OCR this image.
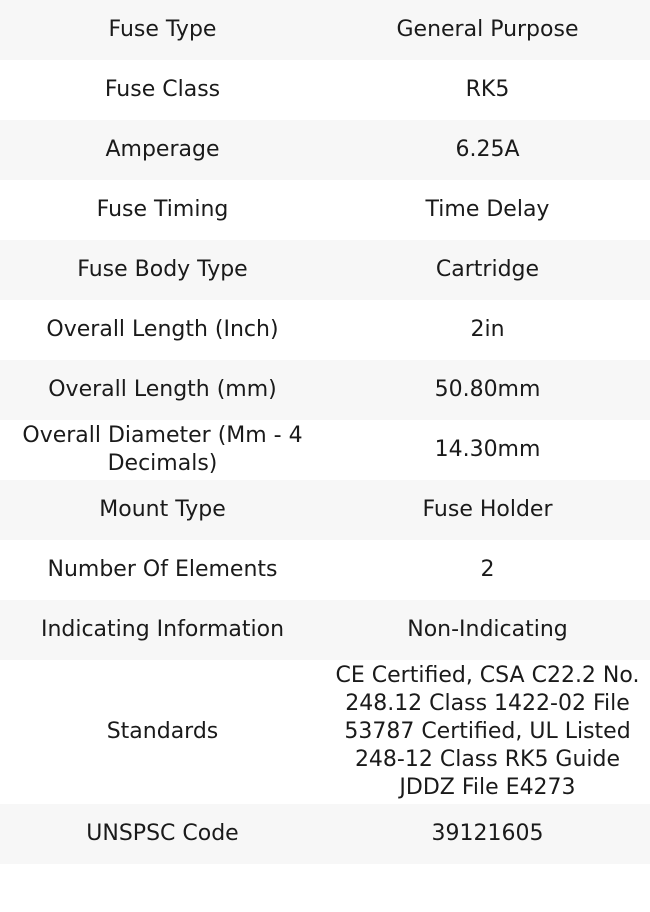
Fuse Type	General Purpose
Fuse Class	RK5
Amperage	6.25A
Fuse Timing	Time Delay
Fuse Body Type	Cartridge
Overall Length (Inch)	2in
Overall Length (mm)	50.80mm
Overall Diameter (Mm - 4 Decimals)	14.30mm
Mount Type	Fuse Holder
Number Of Elements	2
Indicating Information	Non-Indicating
Standards	CE Certified, CSA C22.2 No. 248.12 Class 1422-02 File 53787 Certified, UL Listed 248-12 Class RK5 Guide JDDZ File E4273
UNSPSC Code	39121605
